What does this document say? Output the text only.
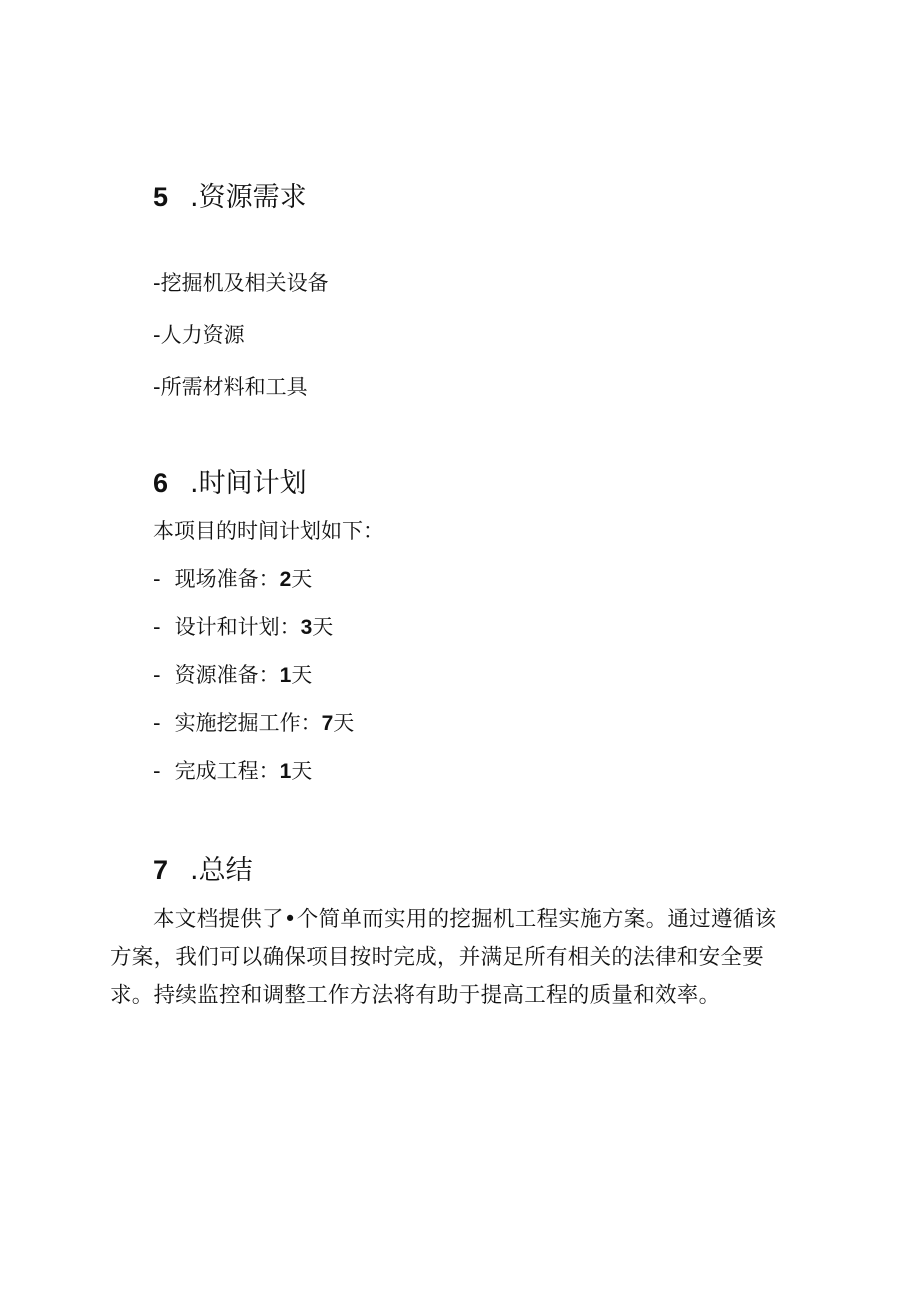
5 .资源需求

-挖掘机及相关设备

-人力资源

-所需材料和工具

6 .时间计划

本项目的时间计划如下：

- 现场准备：2天

- 设计和计划：3天

- 资源准备：1天

- 实施挖掘工作：7天

- 完成工程：1天

7 .总结

本文档提供了•个简单而实用的挖掘机工程实施方案。通过遵循该
方案，我们可以确保项目按时完成，并满足所有相关的法律和安全要
求。持续监控和调整工作方法将有助于提高工程的质量和效率。
